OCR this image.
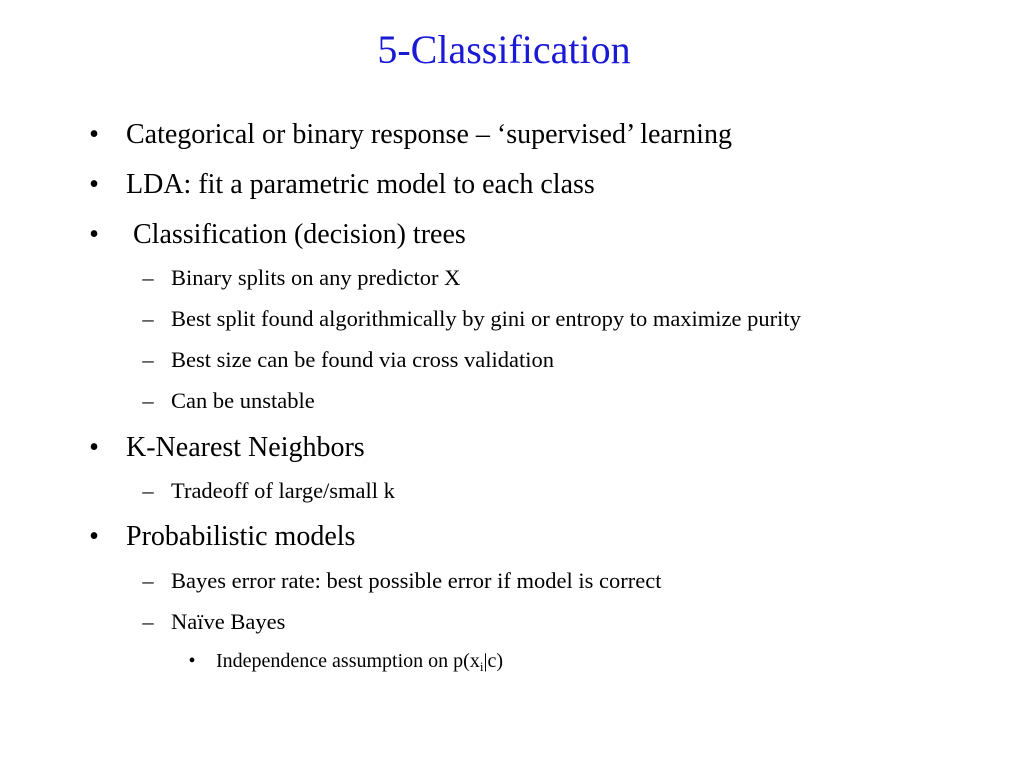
5-Classification
• Categorical or binary response – ‘supervised’ learning
• LDA: fit a parametric model to each class
• Classification (decision) trees
– Binary splits on any predictor X
– Best split found algorithmically by gini or entropy to maximize purity
– Best size can be found via cross validation
– Can be unstable
• K-Nearest Neighbors
– Tradeoff of large/small k
• Probabilistic models
– Bayes error rate: best possible error if model is correct
– Naïve Bayes
• Independence assumption on $p(x_i|c)$
